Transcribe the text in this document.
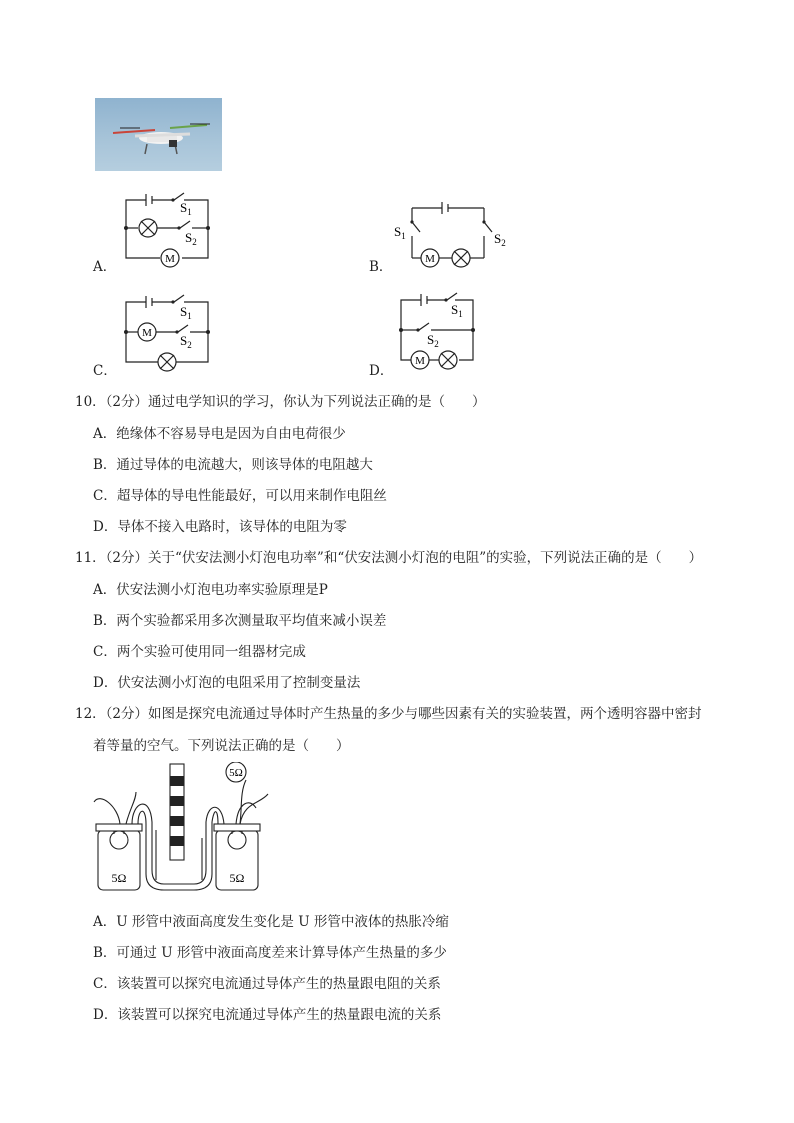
M
$S_1$
$S_2$
A．	M
$S_1$	$S_2$
B．
M
$S_1$
$S_2$
C．
M
$S_1$
$S_2$
D．
10．（2分）通过电学知识的学习，你认为下列说法正确的是（　　）
A．绝缘体不容易导电是因为自由电荷很少
B．通过导体的电流越大，则该导体的电阻越大
C．超导体的导电性能最好，可以用来制作电阻丝
D．导体不接入电路时，该导体的电阻为零
11．（2分）关于“伏安法测小灯泡电功率”和“伏安法测小灯泡的电阻”的实验，下列说法正确的是（　　）
A．伏安法测小灯泡电功率实验原理是P
B．两个实验都采用多次测量取平均值来减小误差
C．两个实验可使用同一组器材完成
D．伏安法测小灯泡的电阻采用了控制变量法
12．（2分）如图是探究电流通过导体时产生热量的多少与哪些因素有关的实验装置，两个透明容器中密封
着等量的空气。下列说法正确的是（　　）
5Ω	5Ω
5Ω
A．U 形管中液面高度发生变化是 U 形管中液体的热胀冷缩
B．可通过 U 形管中液面高度差来计算导体产生热量的多少
C．该装置可以探究电流通过导体产生的热量跟电阻的关系
D．该装置可以探究电流通过导体产生的热量跟电流的关系
